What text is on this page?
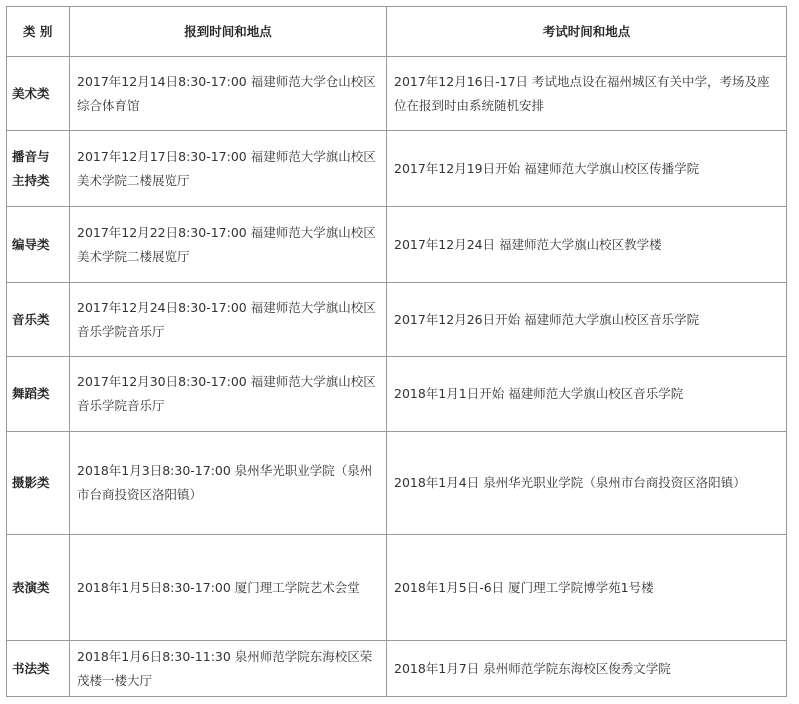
类 别	报到时间和地点	考试时间和地点
美术类	2017年12月14日8:30-17:00 福建师范大学仓山校区综合体育馆	2017年12月16日-17日 考试地点设在福州城区有关中学，考场及座位在报到时由系统随机安排
播音与主持类	2017年12月17日8:30-17:00 福建师范大学旗山校区美术学院二楼展览厅	2017年12月19日开始 福建师范大学旗山校区传播学院
编导类	2017年12月22日8:30-17:00 福建师范大学旗山校区美术学院二楼展览厅	2017年12月24日 福建师范大学旗山校区教学楼
音乐类	2017年12月24日8:30-17:00 福建师范大学旗山校区音乐学院音乐厅	2017年12月26日开始 福建师范大学旗山校区音乐学院
舞蹈类	2017年12月30日8:30-17:00 福建师范大学旗山校区音乐学院音乐厅	2018年1月1日开始 福建师范大学旗山校区音乐学院
摄影类	2018年1月3日8:30-17:00 泉州华光职业学院（泉州市台商投资区洛阳镇）	2018年1月4日 泉州华光职业学院（泉州市台商投资区洛阳镇）
表演类	2018年1月5日8:30-17:00 厦门理工学院艺术会堂	2018年1月5日-6日 厦门理工学院博学苑1号楼
书法类	2018年1月6日8:30-11:30 泉州师范学院东海校区荣茂楼一楼大厅	2018年1月7日 泉州师范学院东海校区俊秀文学院
